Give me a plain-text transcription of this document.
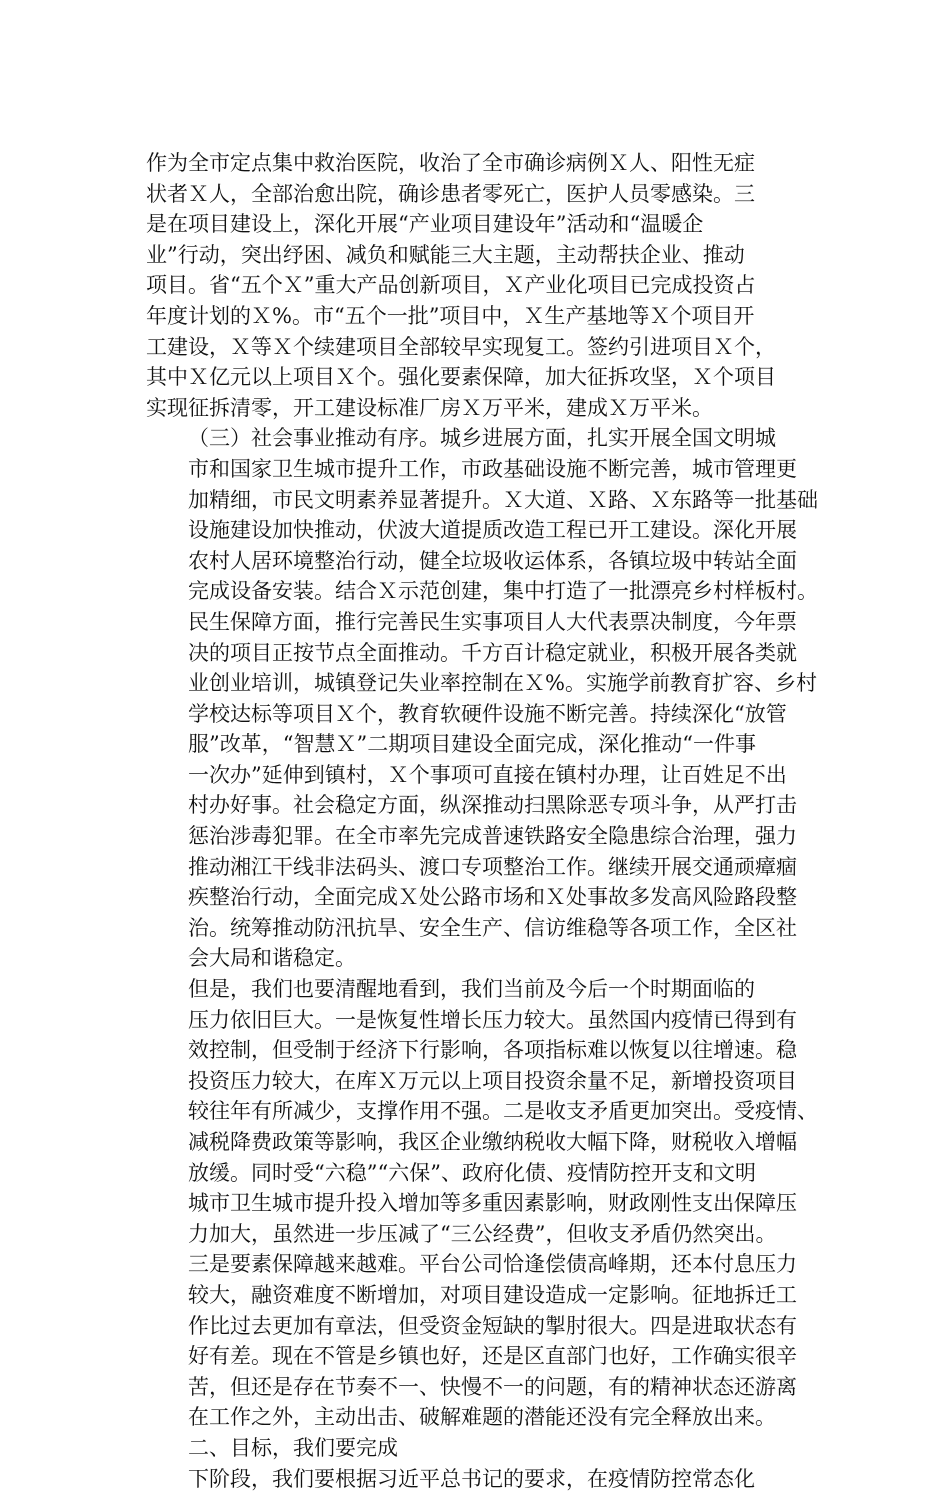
作为全市定点集中救治医院，收治了全市确诊病例Ｘ人、阳性无症
状者Ｘ人，全部治愈出院，确诊患者零死亡，医护人员零感染。三
是在项目建设上，深化开展“产业项目建设年”活动和“温暖企
业”行动，突出纾困、减负和赋能三大主题，主动帮扶企业、推动
项目。省“五个Ｘ”重大产品创新项目，Ｘ产业化项目已完成投资占
年度计划的Ｘ%。市“五个一批”项目中，Ｘ生产基地等Ｘ个项目开
工建设，Ｘ等Ｘ个续建项目全部较早实现复工。签约引进项目Ｘ个，
其中Ｘ亿元以上项目Ｘ个。强化要素保障，加大征拆攻坚，Ｘ个项目
实现征拆清零，开工建设标准厂房Ｘ万平米，建成Ｘ万平米。
（三）社会事业推动有序。城乡进展方面，扎实开展全国文明城
市和国家卫生城市提升工作，市政基础设施不断完善，城市管理更
加精细，市民文明素养显著提升。Ｘ大道、Ｘ路、Ｘ东路等一批基础
设施建设加快推动，伏波大道提质改造工程已开工建设。深化开展
农村人居环境整治行动，健全垃圾收运体系，各镇垃圾中转站全面
完成设备安装。结合Ｘ示范创建，集中打造了一批漂亮乡村样板村。
民生保障方面，推行完善民生实事项目人大代表票决制度，今年票
决的项目正按节点全面推动。千方百计稳定就业，积极开展各类就
业创业培训，城镇登记失业率控制在Ｘ%。实施学前教育扩容、乡村
学校达标等项目Ｘ个，教育软硬件设施不断完善。持续深化“放管
服”改革，“智慧Ｘ”二期项目建设全面完成，深化推动“一件事
一次办”延伸到镇村，Ｘ个事项可直接在镇村办理，让百姓足不出
村办好事。社会稳定方面，纵深推动扫黑除恶专项斗争，从严打击
惩治涉毒犯罪。在全市率先完成普速铁路安全隐患综合治理，强力
推动湘江干线非法码头、渡口专项整治工作。继续开展交通顽瘴痼
疾整治行动，全面完成Ｘ处公路市场和Ｘ处事故多发高风险路段整
治。统筹推动防汛抗旱、安全生产、信访维稳等各项工作，全区社
会大局和谐稳定。
但是，我们也要清醒地看到，我们当前及今后一个时期面临的
压力依旧巨大。一是恢复性增长压力较大。虽然国内疫情已得到有
效控制，但受制于经济下行影响，各项指标难以恢复以往增速。稳
投资压力较大，在库Ｘ万元以上项目投资余量不足，新增投资项目
较往年有所减少，支撑作用不强。二是收支矛盾更加突出。受疫情、
减税降费政策等影响，我区企业缴纳税收大幅下降，财税收入增幅
放缓。同时受“六稳”“六保”、政府化债、疫情防控开支和文明
城市卫生城市提升投入增加等多重因素影响，财政刚性支出保障压
力加大，虽然进一步压减了“三公经费”，但收支矛盾仍然突出。
三是要素保障越来越难。平台公司恰逢偿债高峰期，还本付息压力
较大，融资难度不断增加，对项目建设造成一定影响。征地拆迁工
作比过去更加有章法，但受资金短缺的掣肘很大。四是进取状态有
好有差。现在不管是乡镇也好，还是区直部门也好，工作确实很辛
苦，但还是存在节奏不一、快慢不一的问题，有的精神状态还游离
在工作之外，主动出击、破解难题的潜能还没有完全释放出来。
二、目标，我们要完成
下阶段，我们要根据习近平总书记的要求，在疫情防控常态化
